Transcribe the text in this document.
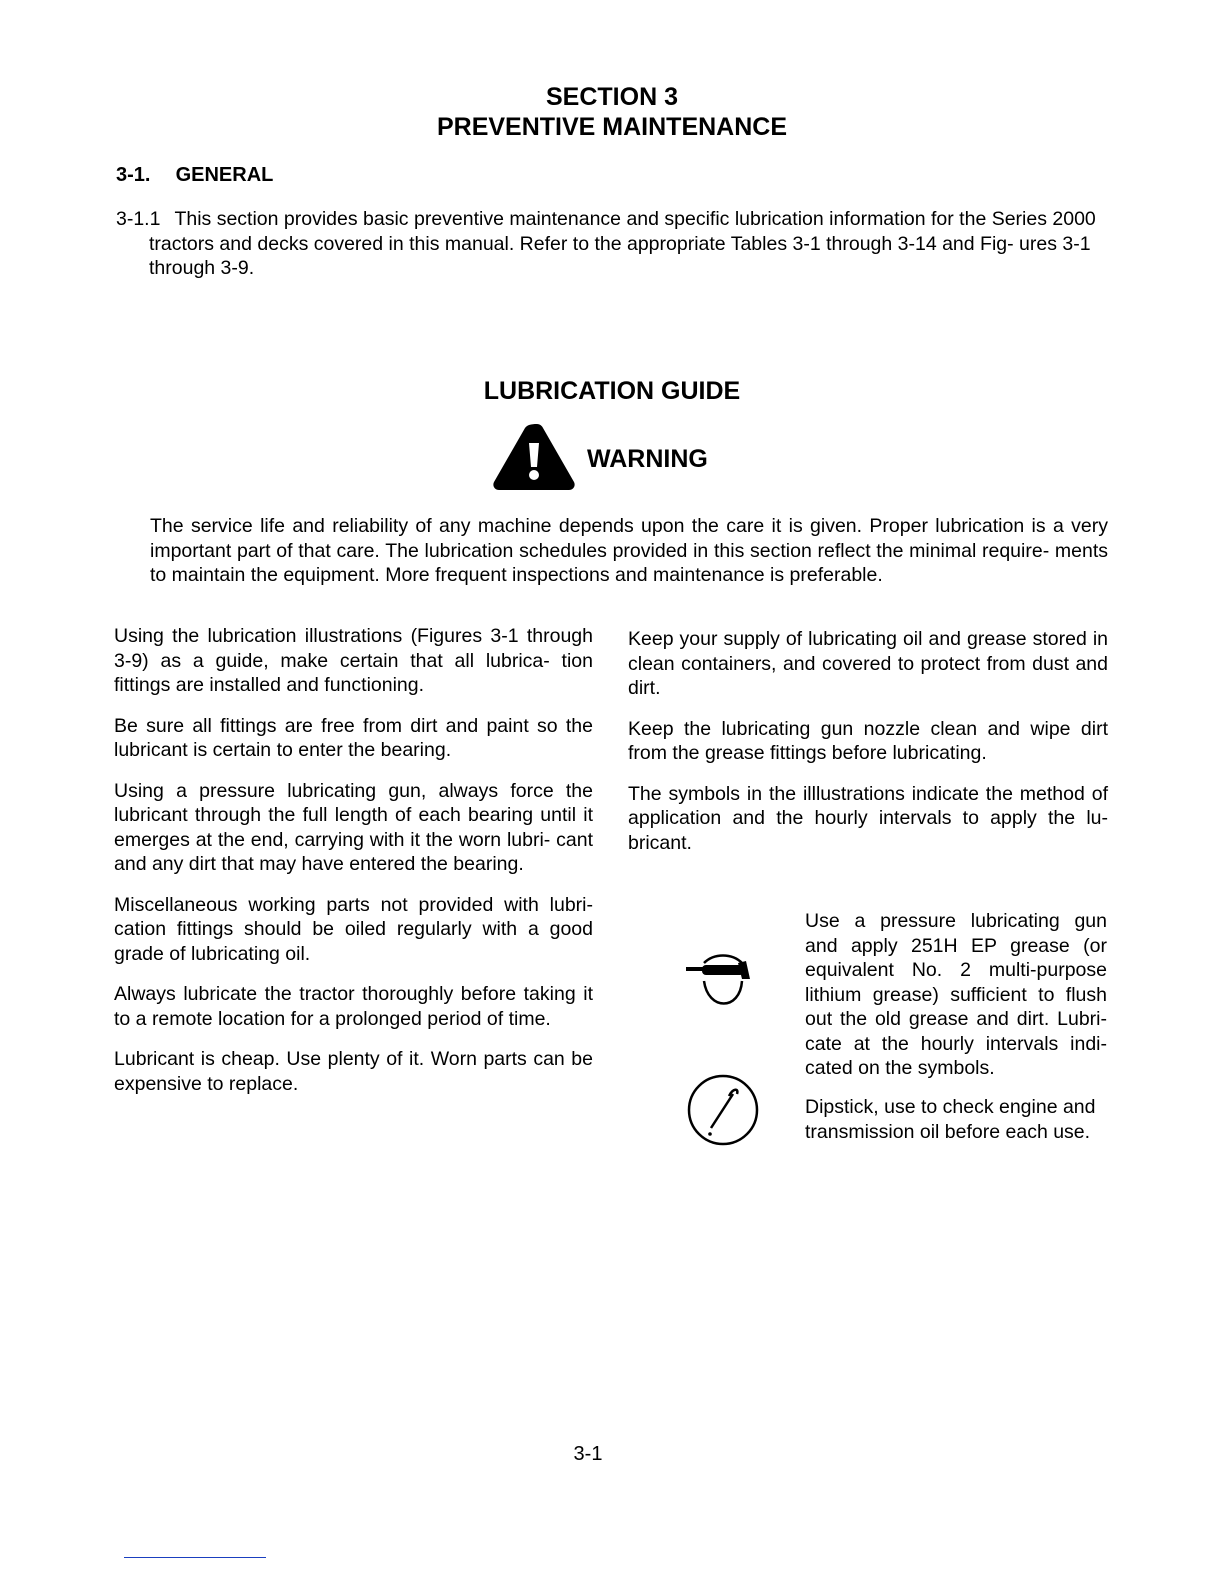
SECTION 3
PREVENTIVE MAINTENANCE
3-1. GENERAL
3-1.1 This section provides basic preventive maintenance and specific lubrication information for the Series 2000 tractors and decks covered in this manual. Refer to the appropriate Tables 3-1 through 3-14 and Fig- ures 3-1 through 3-9.
LUBRICATION GUIDE
WARNING
The service life and reliability of any machine depends upon the care it is given. Proper lubrication is a very important part of that care. The lubrication schedules provided in this section reflect the minimal require- ments to maintain the equipment. More frequent inspections and maintenance is preferable.

Using the lubrication illustrations (Figures 3-1 through 3-9) as a guide, make certain that all lubrica- tion fittings are installed and functioning.

Be sure all fittings are free from dirt and paint so the lubricant is certain to enter the bearing.

Using a pressure lubricating gun, always force the lubricant through the full length of each bearing until it emerges at the end, carrying with it the worn lubri- cant and any dirt that may have entered the bearing.

Miscellaneous working parts not provided with lubri- cation fittings should be oiled regularly with a good grade of lubricating oil.

Always lubricate the tractor thoroughly before taking it to a remote location for a prolonged period of time.

Lubricant is cheap. Use plenty of it. Worn parts can be expensive to replace.

Keep your supply of lubricating oil and grease stored in clean containers, and covered to protect from dust and dirt.

Keep the lubricating gun nozzle clean and wipe dirt from the grease fittings before lubricating.

The symbols in the illlustrations indicate the method of application and the hourly intervals to apply the lu- bricant.

Use a pressure lubricating gun and apply 251H EP grease (or equivalent No. 2 multi-purpose lithium grease) sufficient to flush out the old grease and dirt. Lubri- cate at the hourly intervals indi- cated on the symbols.
Dipstick, use to check engine and transmission oil before each use.
3-1
